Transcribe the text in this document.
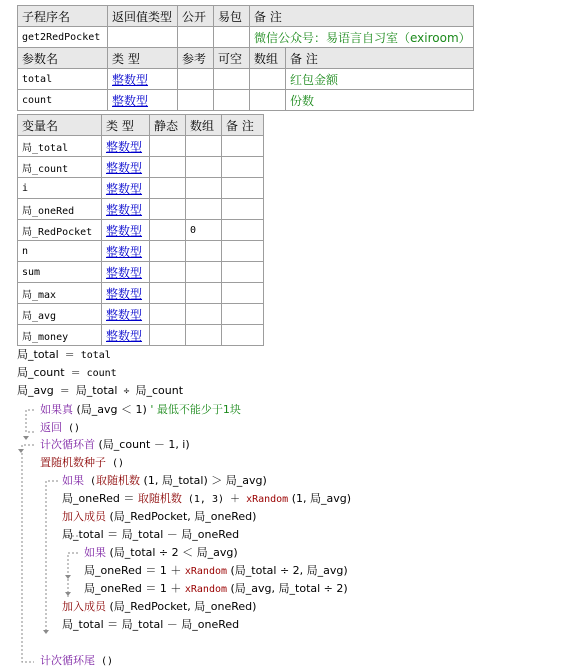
子程序名	返回值类型	公开	易包	备 注	
get2RedPocket				微信公众号：易语言自习室（exiroom）	
参数名	类 型	参考	可空	数组	备 注
total	整数型				红包金额
count	整数型				份数
变量名	类 型	静态	数组	备 注
局_total	整数型			
局_count	整数型			
i	整数型			
局_oneRed	整数型			
局_RedPocket	整数型		0	
n	整数型			
sum	整数型			
局_max	整数型			
局_avg	整数型			
局_money	整数型			
局_total ＝ total
局_count ＝ count
局_avg ＝ 局_total ÷ 局_count
如果真 (局_avg ＜ 1) ' 最低不能少于1块
返回 ()
计次循环首 (局_count － 1, i)
置随机数种子 ()
如果 (取随机数 (1, 局_total) ＞ 局_avg)
局_oneRed ＝ 取随机数 (1, 3) ＋ xRandom (1, 局_avg)
加入成员 (局_RedPocket, 局_oneRed)
局_total ＝ 局_total － 局_oneRed
如果 (局_total ÷ 2 ＜ 局_avg)
局_oneRed ＝ 1 ＋ xRandom (局_total ÷ 2, 局_avg)
局_oneRed ＝ 1 ＋ xRandom (局_avg, 局_total ÷ 2)
加入成员 (局_RedPocket, 局_oneRed)
局_total ＝ 局_total － 局_oneRed
计次循环尾 ()
